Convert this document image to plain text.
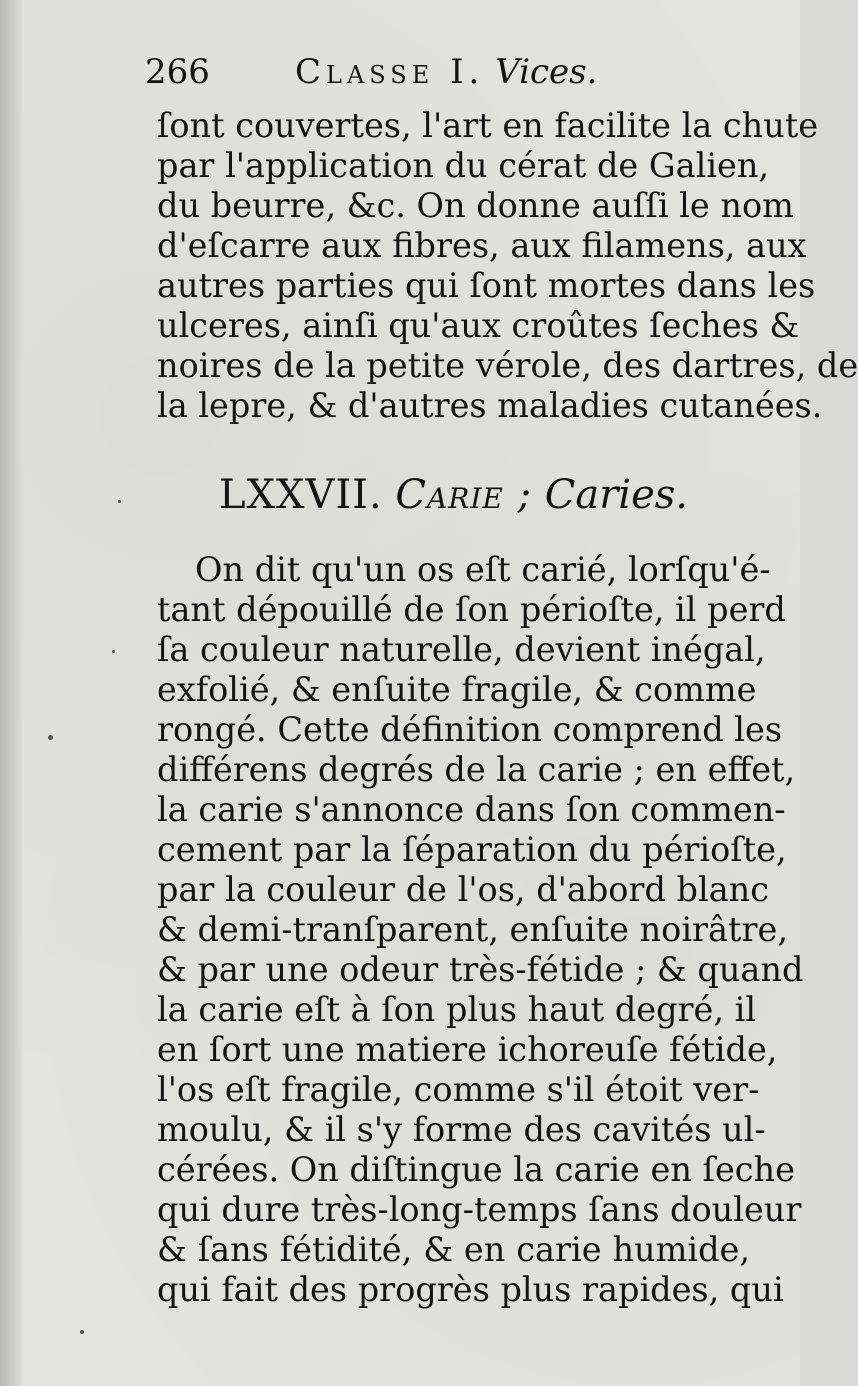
266	Classe I. Vices.
ſont couvertes, l'art en facilite la chute
par l'application du cérat de Galien,
du beurre, &c. On donne auſſi le nom
d'eſcarre aux fibres, aux filamens, aux
autres parties qui ſont mortes dans les
ulceres, ainſi qu'aux croûtes ſeches &
noires de la petite vérole, des dartres, de
la lepre, & d'autres maladies cutanées.
LXXVII. Carie ; Caries.
On dit qu'un os eſt carié, lorſqu'é-
tant dépouillé de ſon périoſte, il perd
ſa couleur naturelle, devient inégal,
exfolié, & enſuite fragile, & comme
rongé. Cette définition comprend les
différens degrés de la carie ; en effet,
la carie s'annonce dans ſon commen-
cement par la ſéparation du périoſte,
par la couleur de l'os, d'abord blanc
& demi-tranſparent, enſuite noirâtre,
& par une odeur très-fétide ; & quand
la carie eſt à ſon plus haut degré, il
en ſort une matiere ichoreuſe fétide,
l'os eſt fragile, comme s'il étoit ver-
moulu, & il s'y forme des cavités ul-
cérées. On diſtingue la carie en ſeche
qui dure très-long-temps ſans douleur
& ſans fétidité, & en carie humide,
qui fait des progrès plus rapides, qui
